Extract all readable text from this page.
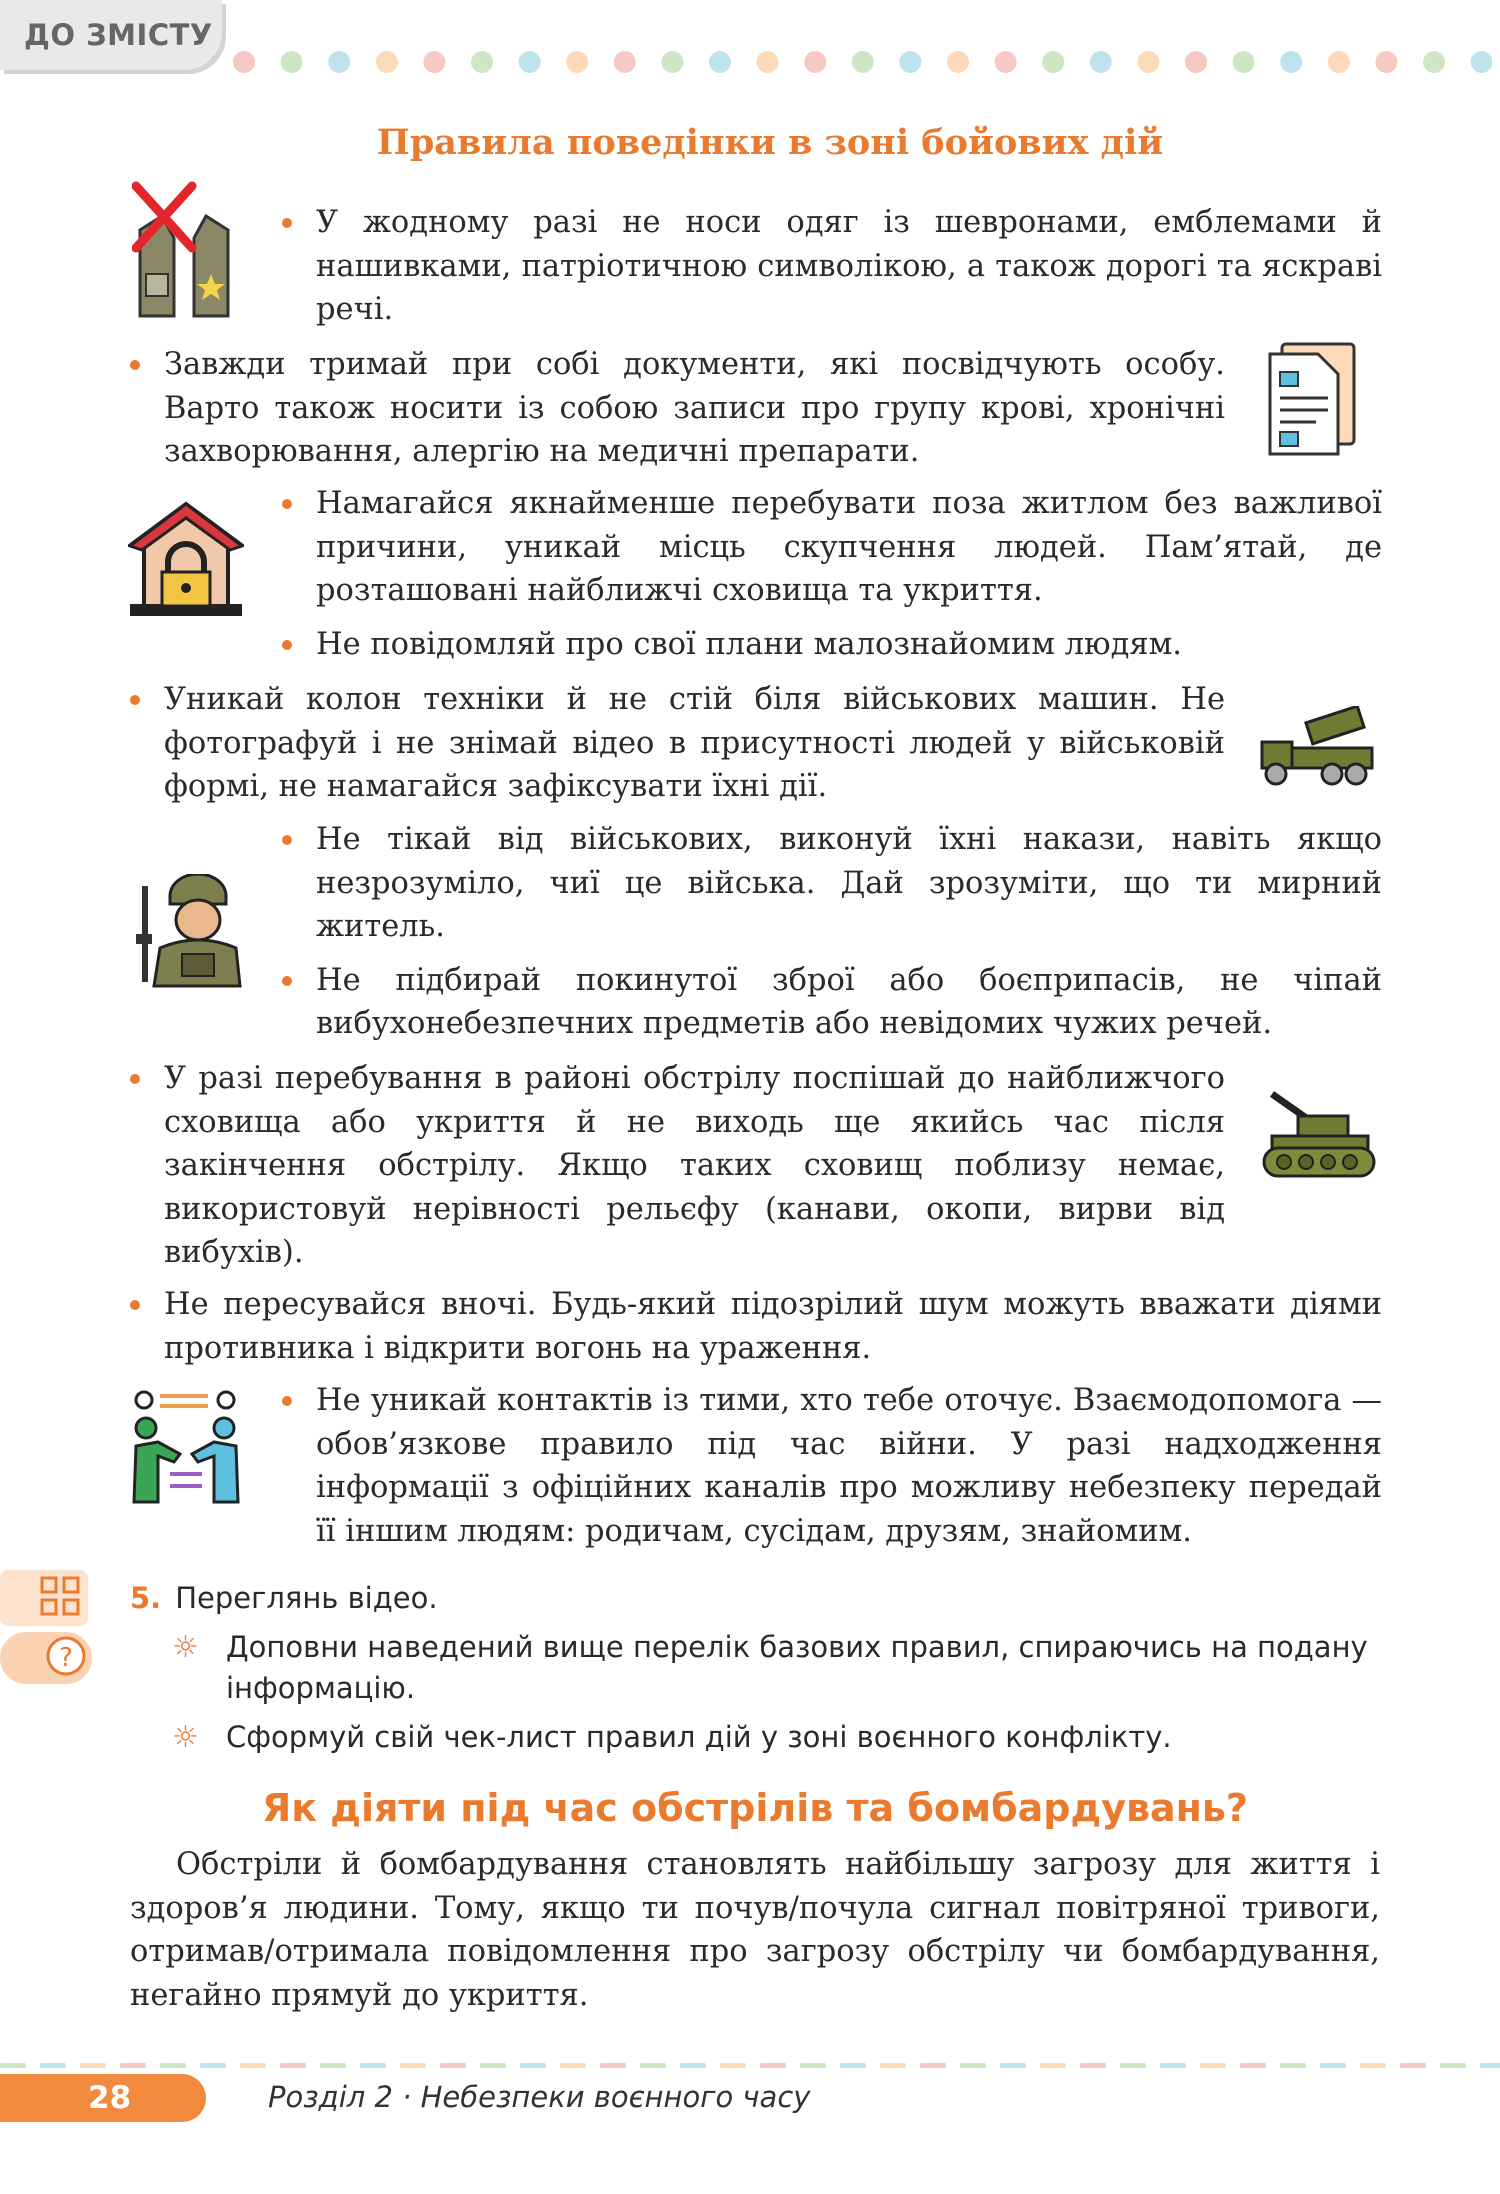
ДО ЗМІСТУ
Правила поведінки в зоні бойових дій

У жодному разі не носи одяг із шевронами, емблемами й нашивками, патріотичною символікою, а також дорогі та яскраві речі.

Завжди тримай при собі документи, які посвідчують особу. Варто також носити із собою записи про групу крові, хронічні захворювання, алергію на медичні препарати.

Намагайся якнайменше перебувати поза житлом без важливої причини, уникай місць скупчення людей. Пам’ятай, де розташовані найближчі сховища та укриття.

Не повідомляй про свої плани малознайомим людям.

Уникай колон техніки й не стій біля військових машин. Не фотографуй і не знімай відео в присутності людей у військовій формі, не намагайся зафіксувати їхні дії.

Не тікай від військових, виконуй їхні накази, навіть якщо незрозуміло, чиї це війська. Дай зрозуміти, що ти мирний житель.

Не підбирай покинутої зброї або боєприпасів, не чіпай вибухонебезпечних предметів або невідомих чужих речей.

У разі перебування в районі обстрілу поспішай до найближчого сховища або укриття й не виходь ще якийсь час після закінчення обстрілу. Якщо таких сховищ поблизу немає, використовуй нерівності рельєфу (канави, окопи, вирви від вибухів).

Не пересувайся вночі. Будь-який підозрілий шум можуть вважати діями противника і відкрити вогонь на ураження.

Не уникай контактів із тими, хто тебе оточує. Взаємодопомога — обов’язкове правило під час війни. У разі надходження інформації з офіційних каналів про можливу небезпеку передай її іншим людям: родичам, сусідам, друзям, знайомим.

?
5. Переглянь відео.
☼ Доповни наведений вище перелік базових правил, спираючись на подану інформацію.
☼ Сформуй свій чек-лист правил дій у зоні воєнного конфлікту.
Як діяти під час обстрілів та бомбардувань?

Обстріли й бомбардування становлять найбільшу загрозу для життя і здоров’я людини. Тому, якщо ти почув/почула сигнал повітряної тривоги, отримав/отримала повідомлення про загрозу обстрілу чи бомбардування, негайно прямуй до укриття.

28	Розділ 2 · Небезпеки воєнного часу
